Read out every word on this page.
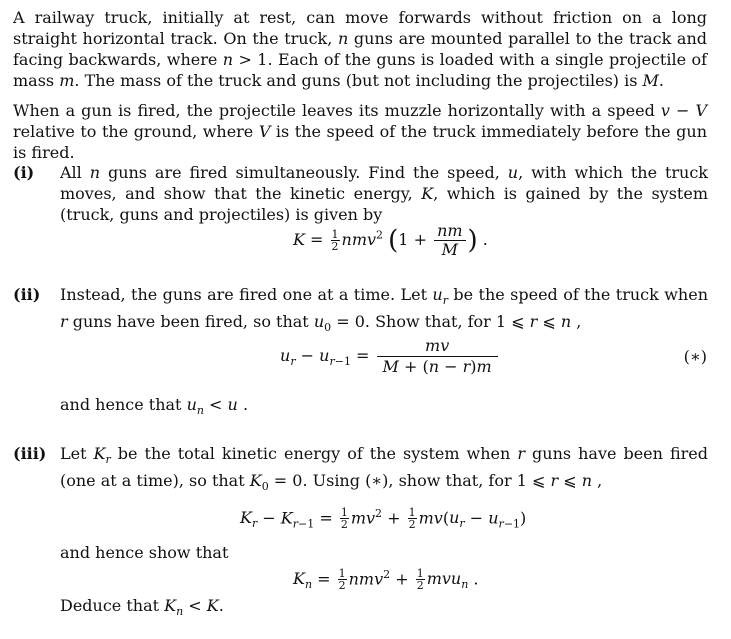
A railway truck, initially at rest, can move forwards without friction on a long straight horizontal track. On the truck, n guns are mounted parallel to the track and facing backwards, where n > 1. Each of the guns is loaded with a single projectile of mass m. The mass of the truck and guns (but not including the projectiles) is M.
When a gun is fired, the projectile leaves its muzzle horizontally with a speed v − V relative to the ground, where V is the speed of the truck immediately before the gun is fired.
(i) All n guns are fired simultaneously. Find the speed, u, with which the truck moves, and show that the kinetic energy, K, which is gained by the system (truck, guns and projectiles) is given by
$K = \frac{1}{2} nmv^2$ ($1 + \frac{nm}{M}$ ) .
(ii) Instead, the guns are fired one at a time. Let $u_r$ be the speed of the truck when r guns have been fired, so that $u_0 = 0$. Show that, for 1 ⩽ r ⩽ n ,
$u_r - u_{r-1} = \frac{mv}{M + (n - r)m}$	(∗)
and hence that $u_n < u$ .
(iii) Let $K_r$ be the total kinetic energy of the system when r guns have been fired (one at a time), so that $K_0 = 0$. Using (∗), show that, for 1 ⩽ r ⩽ n ,
$K_r - K_{r-1} = \frac{1}{2} mv^2 + \frac{1}{2} mv(u_r - u_{r-1})$
and hence show that
$K_n = \frac{1}{2} nmv^2 + \frac{1}{2} mvu_n$ .
Deduce that $K_n < K$.
